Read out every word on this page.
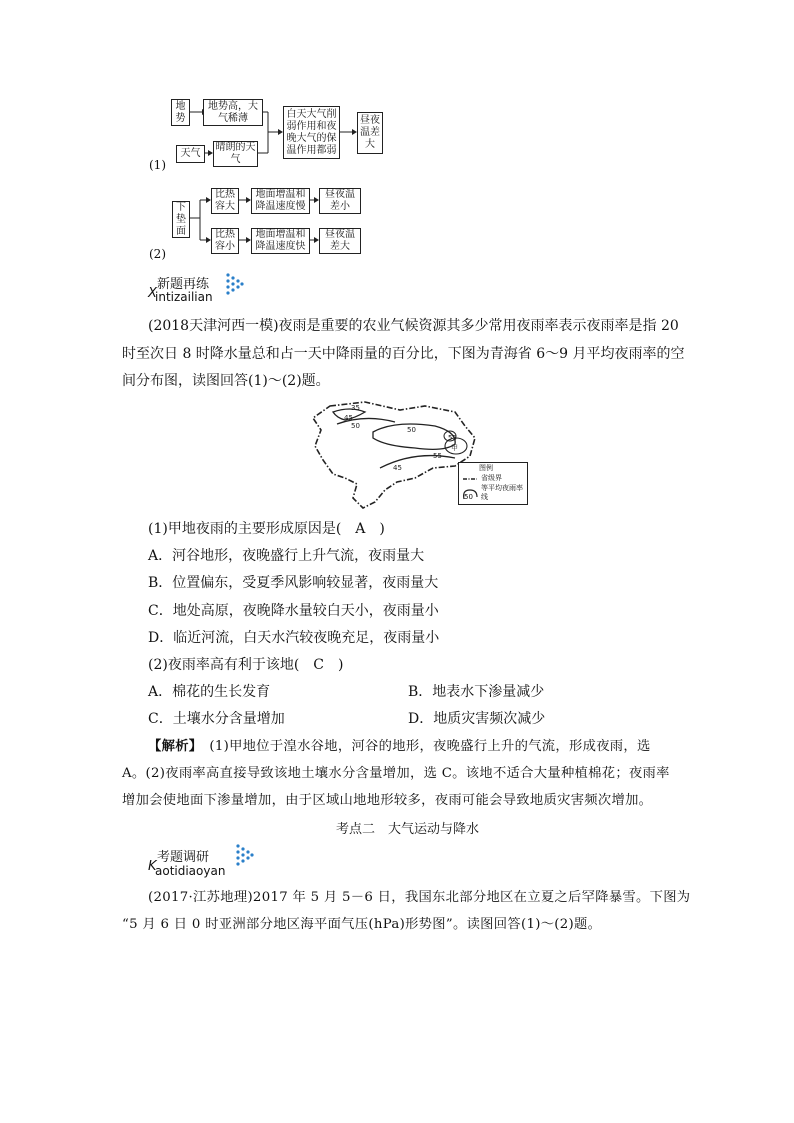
地势
地势高，大气稀薄
天气
晴朗的天气
白天大气削弱作用和夜晚大气的保温作用都弱
昼夜温差大
(1)
下垫面
比热容大
地面增温和降温速度慢
昼夜温差小
比热容小
地面增温和降温速度快
昼夜温差大
(2)
新题再练
X
intizailian
(2018天津河西一模)夜雨是重要的农业气候资源其多少常用夜雨率表示夜雨率是指 20
时至次日 8 时降水量总和占一天中降雨量的百分比，下图为青海省 6～9 月平均夜雨率的空
间分布图，读图回答(1)～(2)题。
35
45
50	50
55
45
55
甲
图例
省级界
50
等平均夜雨率线
(1)甲地夜雨的主要形成原因是(　A　)
A．河谷地形，夜晚盛行上升气流，夜雨量大
B．位置偏东，受夏季风影响较显著，夜雨量大
C．地处高原，夜晚降水量较白天小，夜雨量小
D．临近河流，白天水汽较夜晚充足，夜雨量小
(2)夜雨率高有利于该地(　C　)
A．棉花的生长发育	B．地表水下渗量减少
C．土壤水分含量增加	D．地质灾害频次减少
【解析】　(1)甲地位于湟水谷地，河谷的地形，夜晚盛行上升的气流，形成夜雨，选
A。(2)夜雨率高直接导致该地土壤水分含量增加，选 C。该地不适合大量种植棉花；夜雨率
增加会使地面下渗量增加，由于区域山地地形较多，夜雨可能会导致地质灾害频次增加。
考点二　大气运动与降水
考题调研
K
aotidiaoyan
(2017·江苏地理)2017 年 5 月 5－6 日，我国东北部分地区在立夏之后罕降暴雪。下图为
“5 月 6 日 0 时亚洲部分地区海平面气压(hPa)形势图”。读图回答(1)～(2)题。
